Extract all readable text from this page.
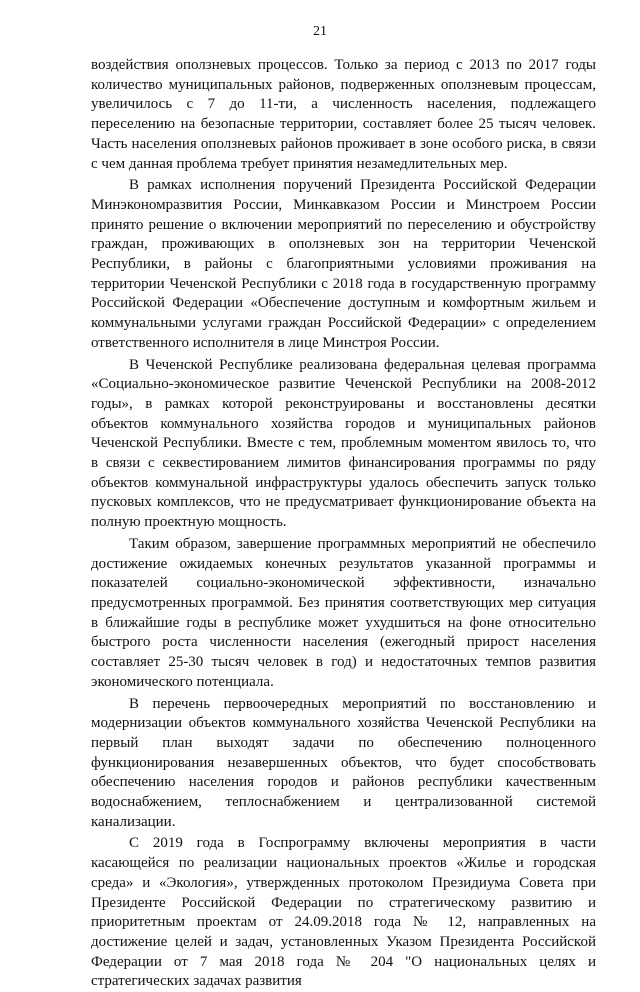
21

воздействия оползневых процессов. Только за период с 2013 по 2017 годы количество муниципальных районов, подверженных оползневым процессам, увеличилось с 7 до 11-ти, а численность населения, подлежащего переселению на безопасные территории, составляет более 25 тысяч человек. Часть населения оползневых районов проживает в зоне особого риска, в связи с чем данная проблема требует принятия незамедлительных мер.

В рамках исполнения поручений Президента Российской Федерации Минэкономразвития России, Минкавказом России и Минстроем России принято решение о включении мероприятий по переселению и обустройству граждан, проживающих в оползневых зон на территории Чеченской Республики, в районы с благоприятными условиями проживания на территории Чеченской Республики с 2018 года в государственную программу Российской Федерации «Обеспечение доступным и комфортным жильем и коммунальными услугами граждан Российской Федерации» с определением ответственного исполнителя в лице Минстроя России.

В Чеченской Республике реализована федеральная целевая программа «Социально-экономическое развитие Чеченской Республики на 2008-2012 годы», в рамках которой реконструированы и восстановлены десятки объектов коммунального хозяйства городов и муниципальных районов Чеченской Республики. Вместе с тем, проблемным моментом явилось то, что в связи с секвестированием лимитов финансирования программы по ряду объектов коммунальной инфраструктуры удалось обеспечить запуск только пусковых комплексов, что не предусматривает функционирование объекта на полную проектную мощность.

Таким образом, завершение программных мероприятий не обеспечило достижение ожидаемых конечных результатов указанной программы и показателей социально-экономической эффективности, изначально предусмотренных программой. Без принятия соответствующих мер ситуация в ближайшие годы в республике может ухудшиться на фоне относительно быстрого роста численности населения (ежегодный прирост населения составляет 25-30 тысяч человек в год) и недостаточных темпов развития экономического потенциала.

В перечень первоочередных мероприятий по восстановлению и модернизации объектов коммунального хозяйства Чеченской Республики на первый план выходят задачи по обеспечению полноценного функционирования незавершенных объектов, что будет способствовать обеспечению населения городов и районов республики качественным водоснабжением, теплоснабжением и централизованной системой канализации.

С 2019 года в Госпрограмму включены мероприятия в части касающейся по реализации национальных проектов «Жилье и городская среда» и «Экология», утвержденных протоколом Президиума Совета при Президенте Российской Федерации по стратегическому развитию и приоритетным проектам от 24.09.2018 года № 12, направленных на достижение целей и задач, установленных Указом Президента Российской Федерации от 7 мая 2018 года № 204 "О национальных целях и стратегических задачах развития
